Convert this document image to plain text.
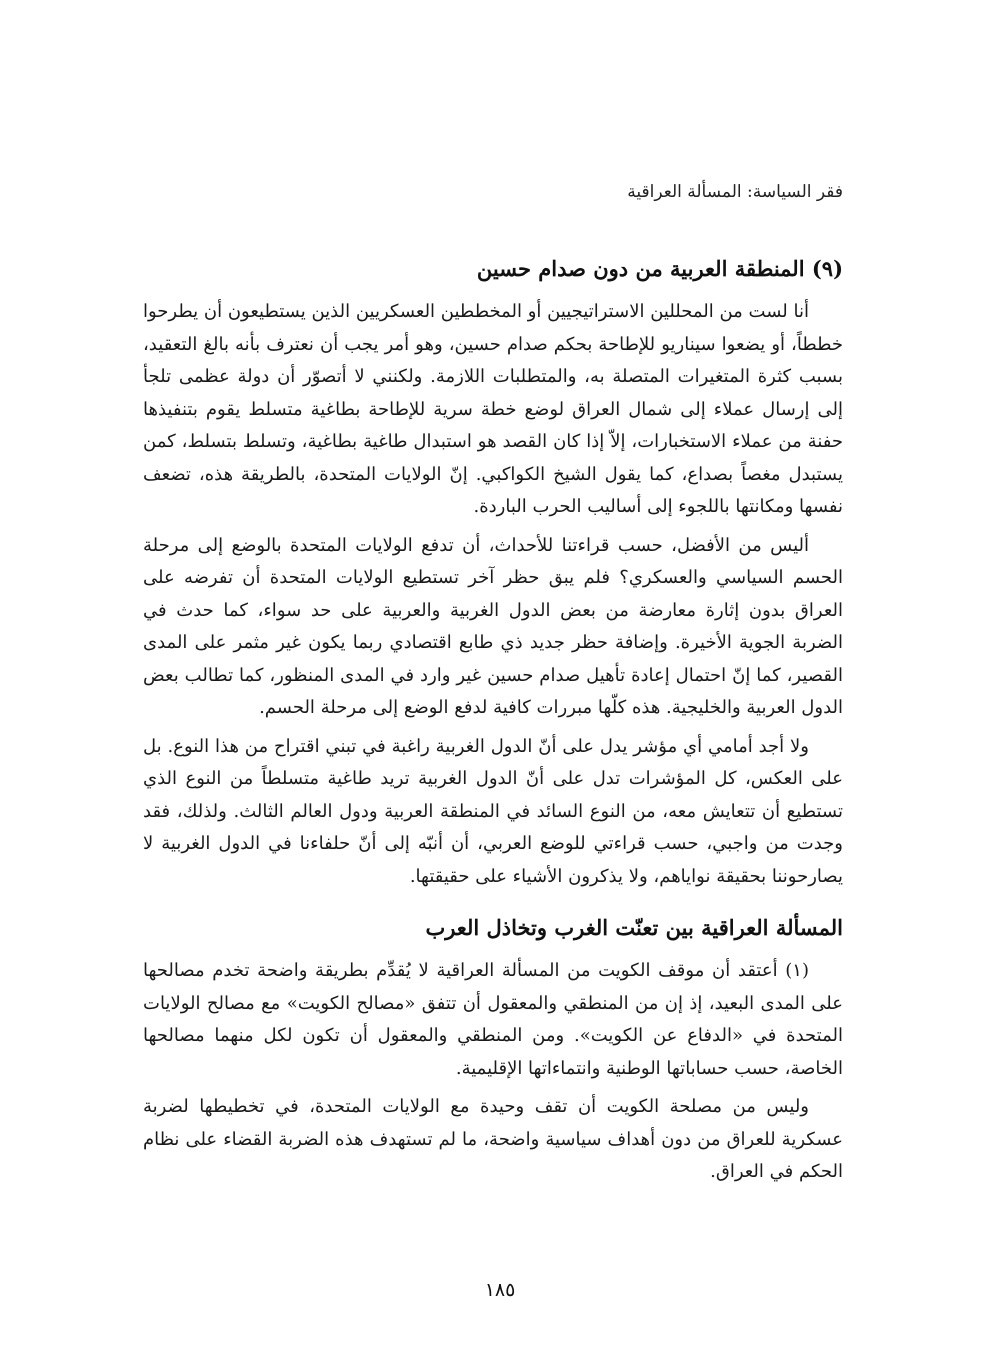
فقر السياسة: المسألة العراقية
(٩) المنطقة العربية من دون صدام حسين

أنا لست من المحللين الاستراتيجيين أو المخططين العسكريين الذين يستطيعون أن يطرحوا خططاً، أو يضعوا سيناريو للإطاحة بحكم صدام حسين، وهو أمر يجب أن نعترف بأنه بالغ التعقيد، بسبب كثرة المتغيرات المتصلة به، والمتطلبات اللازمة. ولكنني لا أتصوّر أن دولة عظمى تلجأ إلى إرسال عملاء إلى شمال العراق لوضع خطة سرية للإطاحة بطاغية متسلط يقوم بتنفيذها حفنة من عملاء الاستخبارات، إلاّ إذا كان القصد هو استبدال طاغية بطاغية، وتسلط بتسلط، كمن يستبدل مغصاً بصداع، كما يقول الشيخ الكواكبي. إنّ الولايات المتحدة، بالطريقة هذه، تضعف نفسها ومكانتها باللجوء إلى أساليب الحرب الباردة.

أليس من الأفضل، حسب قراءتنا للأحداث، أن تدفع الولايات المتحدة بالوضع إلى مرحلة الحسم السياسي والعسكري؟ فلم يبق حظر آخر تستطيع الولايات المتحدة أن تفرضه على العراق بدون إثارة معارضة من بعض الدول الغربية والعربية على حد سواء، كما حدث في الضربة الجوية الأخيرة. وإضافة حظر جديد ذي طابع اقتصادي ربما يكون غير مثمر على المدى القصير، كما إنّ احتمال إعادة تأهيل صدام حسين غير وارد في المدى المنظور، كما تطالب بعض الدول العربية والخليجية. هذه كلّها مبررات كافية لدفع الوضع إلى مرحلة الحسم.

ولا أجد أمامي أي مؤشر يدل على أنّ الدول الغربية راغبة في تبني اقتراح من هذا النوع. بل على العكس، كل المؤشرات تدل على أنّ الدول الغربية تريد طاغية متسلطاً من النوع الذي تستطيع أن تتعايش معه، من النوع السائد في المنطقة العربية ودول العالم الثالث. ولذلك، فقد وجدت من واجبي، حسب قراءتي للوضع العربي، أن أنبّه إلى أنّ حلفاءنا في الدول الغربية لا يصارحوننا بحقيقة نواياهم، ولا يذكرون الأشياء على حقيقتها.

المسألة العراقية بين تعنّت الغرب وتخاذل العرب

(١) أعتقد أن موقف الكويت من المسألة العراقية لا يُقدِّم بطريقة واضحة تخدم مصالحها على المدى البعيد، إذ إن من المنطقي والمعقول أن تتفق «مصالح الكويت» مع مصالح الولايات المتحدة في «الدفاع عن الكويت». ومن المنطقي والمعقول أن تكون لكل منهما مصالحها الخاصة، حسب حساباتها الوطنية وانتماءاتها الإقليمية.

وليس من مصلحة الكويت أن تقف وحيدة مع الولايات المتحدة، في تخطيطها لضربة عسكرية للعراق من دون أهداف سياسية واضحة، ما لم تستهدف هذه الضربة القضاء على نظام الحكم في العراق.

١٨٥
